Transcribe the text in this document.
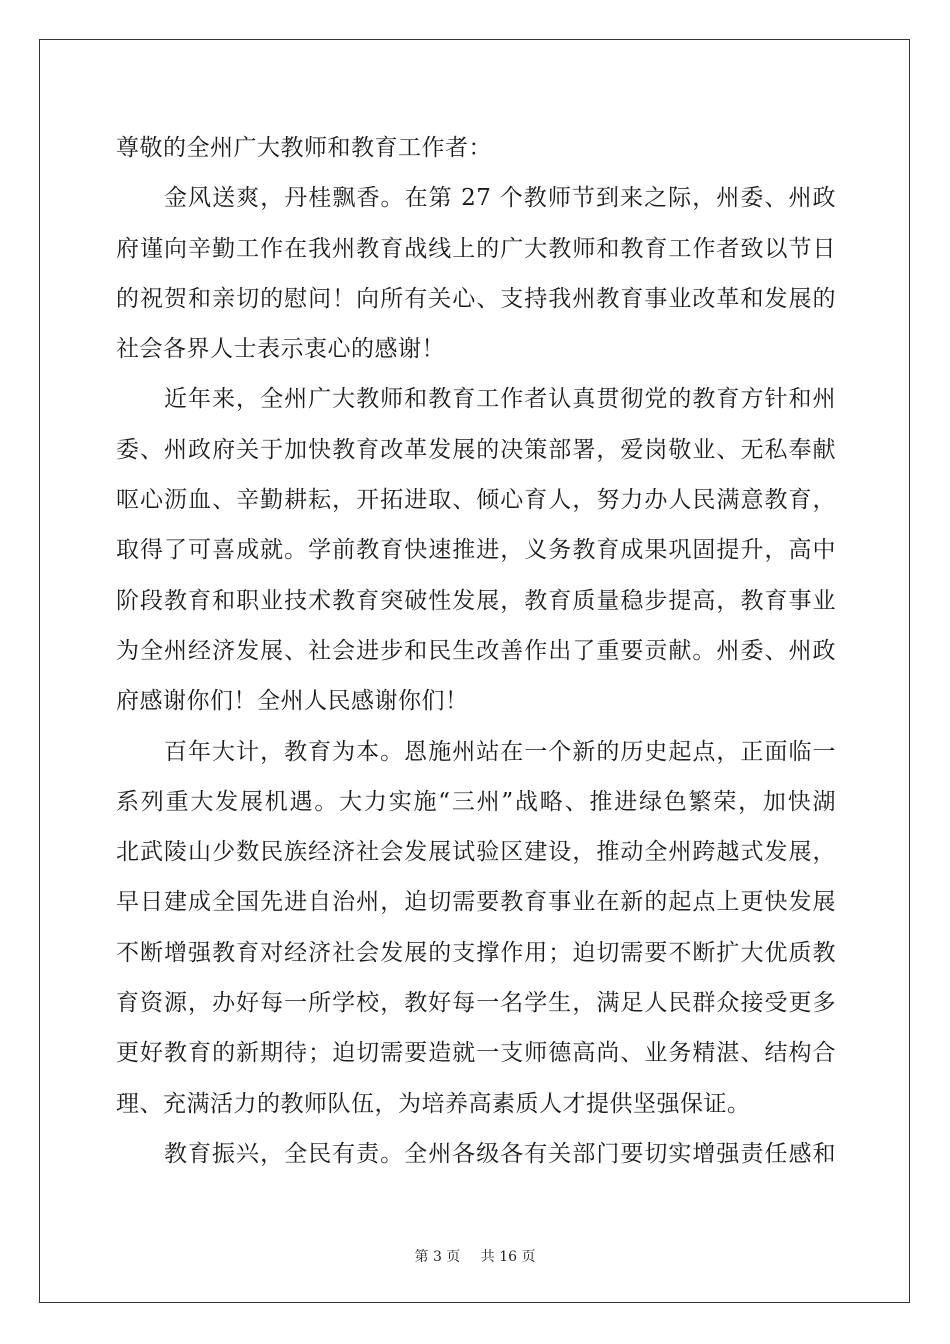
尊敬的全州广大教师和教育工作者：
金风送爽，丹桂飘香。在第 27 个教师节到来之际，州委、州政
府谨向辛勤工作在我州教育战线上的广大教师和教育工作者致以节日
的祝贺和亲切的慰问！向所有关心、支持我州教育事业改革和发展的
社会各界人士表示衷心的感谢！
近年来，全州广大教师和教育工作者认真贯彻党的教育方针和州
委、州政府关于加快教育改革发展的决策部署，爱岗敬业、无私奉献
呕心沥血、辛勤耕耘，开拓进取、倾心育人，努力办人民满意教育，
取得了可喜成就。学前教育快速推进，义务教育成果巩固提升，高中
阶段教育和职业技术教育突破性发展，教育质量稳步提高，教育事业
为全州经济发展、社会进步和民生改善作出了重要贡献。州委、州政
府感谢你们！全州人民感谢你们！
百年大计，教育为本。恩施州站在一个新的历史起点，正面临一
系列重大发展机遇。大力实施“三州”战略、推进绿色繁荣，加快湖
北武陵山少数民族经济社会发展试验区建设，推动全州跨越式发展，
早日建成全国先进自治州，迫切需要教育事业在新的起点上更快发展
不断增强教育对经济社会发展的支撑作用；迫切需要不断扩大优质教
育资源，办好每一所学校，教好每一名学生，满足人民群众接受更多
更好教育的新期待；迫切需要造就一支师德高尚、业务精湛、结构合
理、充满活力的教师队伍，为培养高素质人才提供坚强保证。
教育振兴，全民有责。全州各级各有关部门要切实增强责任感和
第 3 页 共 16 页
